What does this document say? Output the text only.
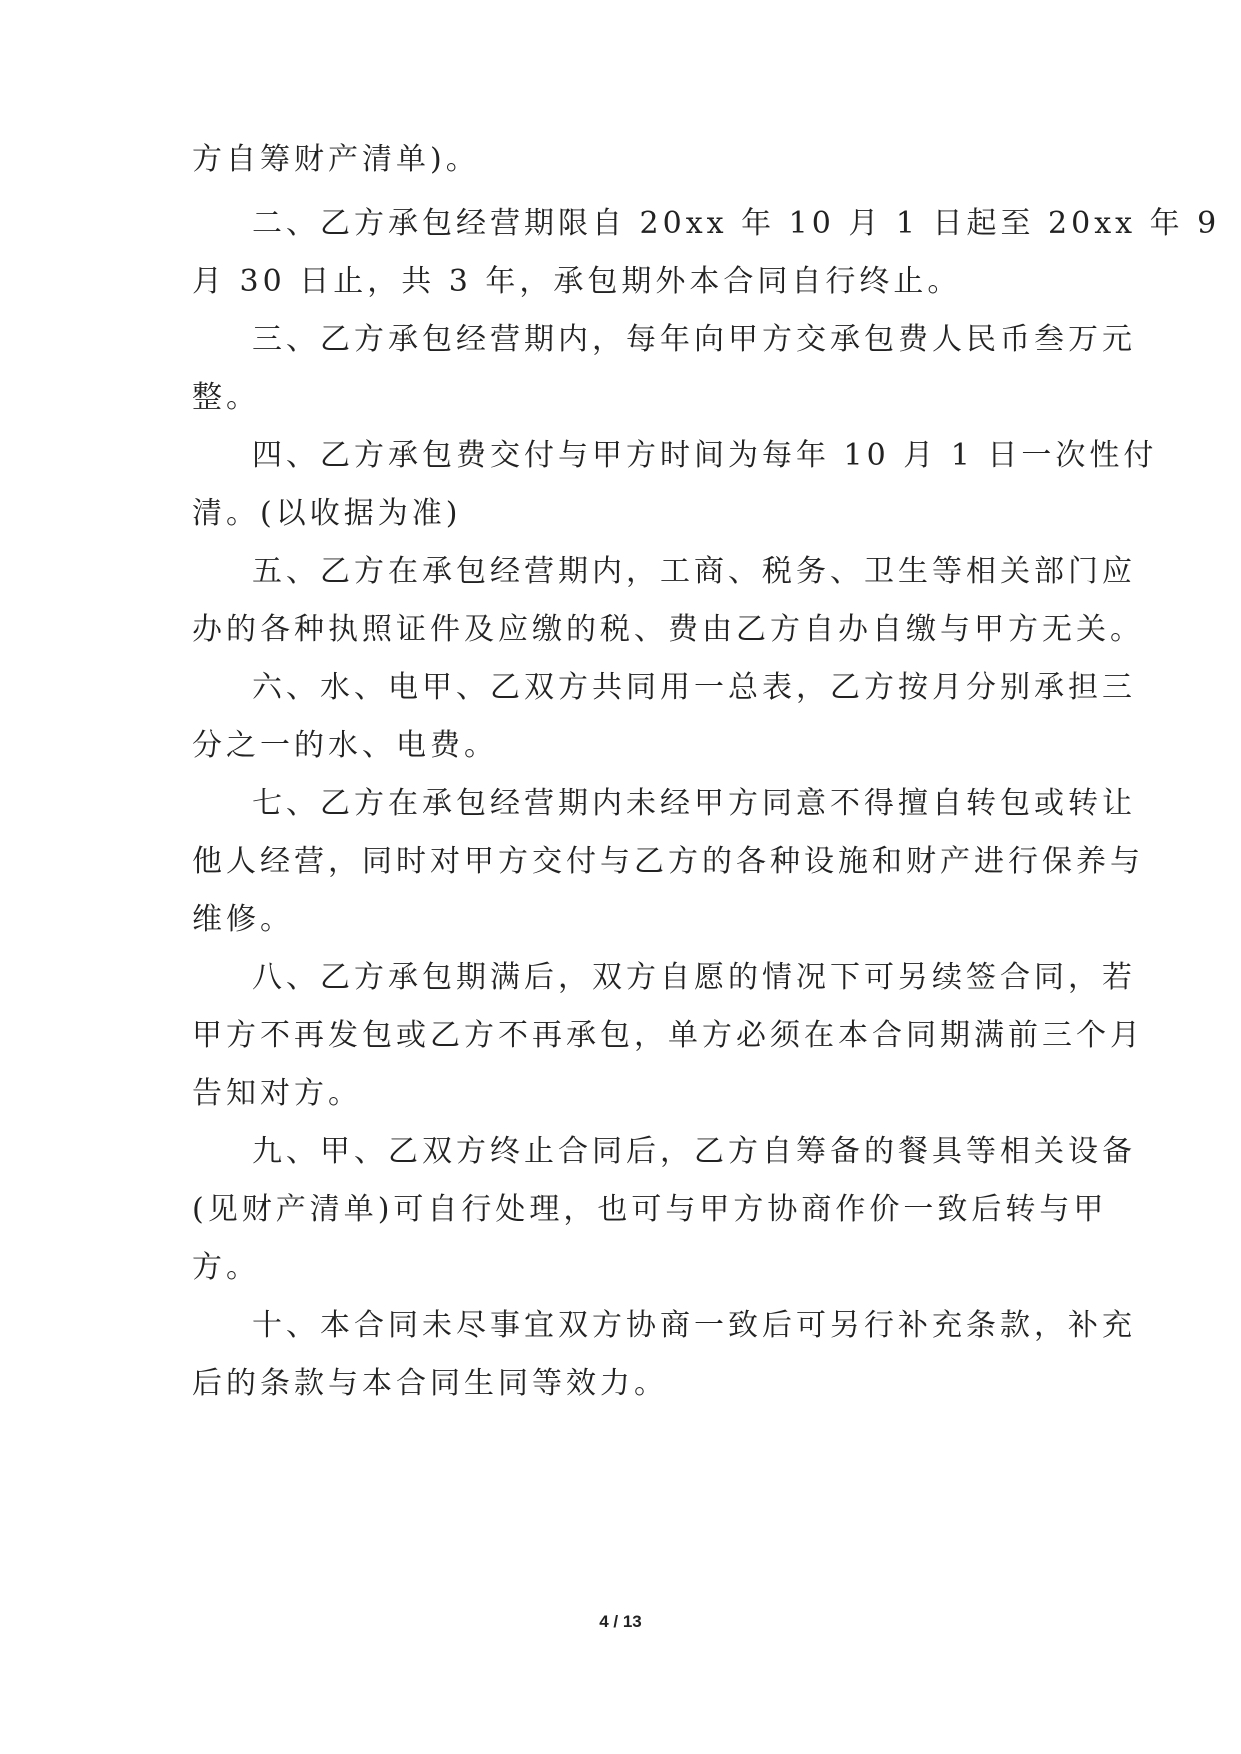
方自筹财产清单)。
二、乙方承包经营期限自 20xx 年 10 月 1 日起至 20xx 年 9
月 30 日止，共 3 年，承包期外本合同自行终止。
三、乙方承包经营期内，每年向甲方交承包费人民币叁万元
整。
四、乙方承包费交付与甲方时间为每年 10 月 1 日一次性付
清。(以收据为准)
五、乙方在承包经营期内，工商、税务、卫生等相关部门应
办的各种执照证件及应缴的税、费由乙方自办自缴与甲方无关。
六、水、电甲、乙双方共同用一总表，乙方按月分别承担三
分之一的水、电费。
七、乙方在承包经营期内未经甲方同意不得擅自转包或转让
他人经营，同时对甲方交付与乙方的各种设施和财产进行保养与
维修。
八、乙方承包期满后，双方自愿的情况下可另续签合同，若
甲方不再发包或乙方不再承包，单方必须在本合同期满前三个月
告知对方。
九、甲、乙双方终止合同后，乙方自筹备的餐具等相关设备
(见财产清单)可自行处理，也可与甲方协商作价一致后转与甲
方。
十、本合同未尽事宜双方协商一致后可另行补充条款，补充
后的条款与本合同生同等效力。
4 / 13
